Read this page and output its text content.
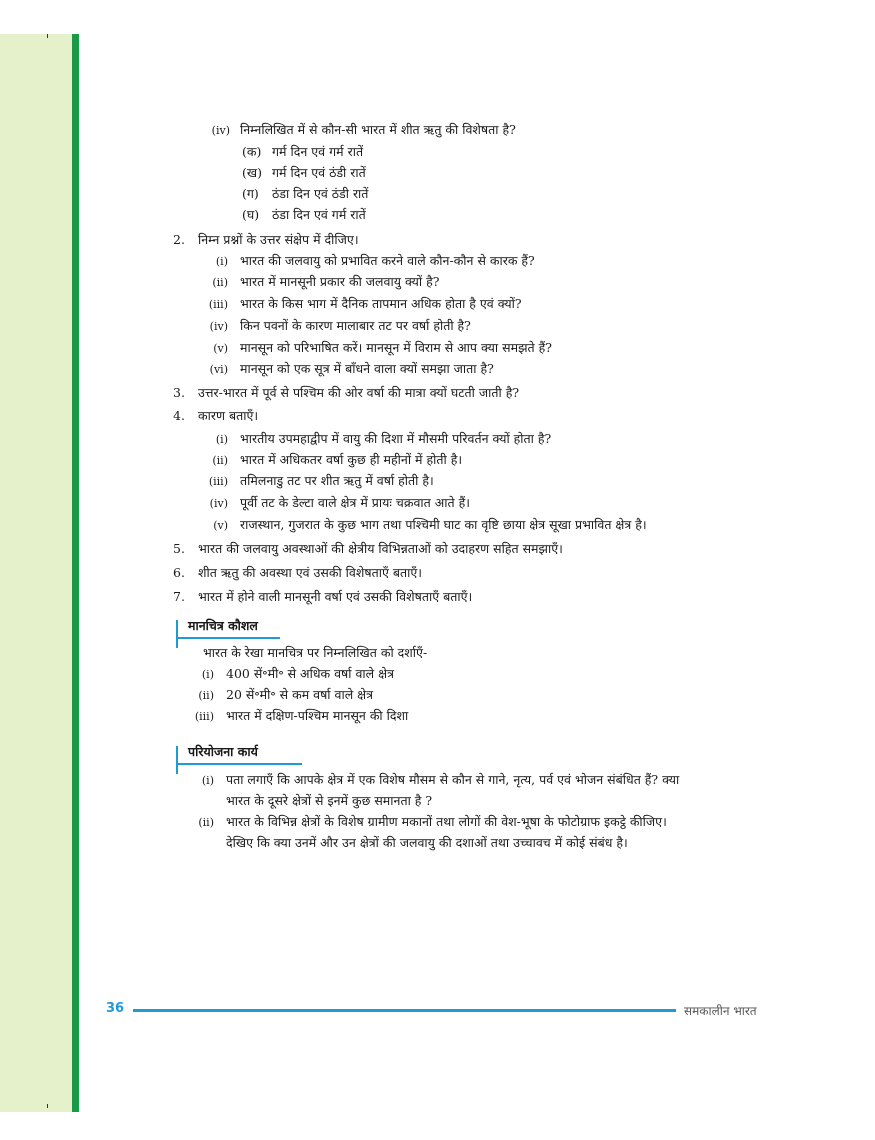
(iv) निम्नलिखित में से कौन-सी भारत में शीत ऋतु की विशेषता है?
(क) गर्म दिन एवं गर्म रातें
(ख) गर्म दिन एवं ठंडी रातें
(ग) ठंडा दिन एवं ठंडी रातें
(घ) ठंडा दिन एवं गर्म रातें
2. निम्न प्रश्नों के उत्तर संक्षेप में दीजिए।
(i) भारत की जलवायु को प्रभावित करने वाले कौन-कौन से कारक हैं?
(ii) भारत में मानसूनी प्रकार की जलवायु क्यों है?
(iii) भारत के किस भाग में दैनिक तापमान अधिक होता है एवं क्यों?
(iv) किन पवनों के कारण मालाबार तट पर वर्षा होती है?
(v) मानसून को परिभाषित करें। मानसून में विराम से आप क्या समझते हैं?
(vi) मानसून को एक सूत्र में बाँधने वाला क्यों समझा जाता है?
3. उत्तर-भारत में पूर्व से पश्चिम की ओर वर्षा की मात्रा क्यों घटती जाती है?
4. कारण बताएँ।
(i) भारतीय उपमहाद्वीप में वायु की दिशा में मौसमी परिवर्तन क्यों होता है?
(ii) भारत में अधिकतर वर्षा कुछ ही महीनों में होती है।
(iii) तमिलनाडु तट पर शीत ऋतु में वर्षा होती है।
(iv) पूर्वी तट के डेल्टा वाले क्षेत्र में प्रायः चक्रवात आते हैं।
(v) राजस्थान, गुजरात के कुछ भाग तथा पश्चिमी घाट का वृष्टि छाया क्षेत्र सूखा प्रभावित क्षेत्र है।
5. भारत की जलवायु अवस्थाओं की क्षेत्रीय विभिन्नताओं को उदाहरण सहित समझाएँ।
6. शीत ऋतु की अवस्था एवं उसकी विशेषताएँ बताएँ।
7. भारत में होने वाली मानसूनी वर्षा एवं उसकी विशेषताएँ बताएँ।
मानचित्र कौशल
भारत के रेखा मानचित्र पर निम्नलिखित को दर्शाएँ-
(i) 400 सें॰मी॰ से अधिक वर्षा वाले क्षेत्र
(ii) 20 सें॰मी॰ से कम वर्षा वाले क्षेत्र
(iii) भारत में दक्षिण-पश्चिम मानसून की दिशा
परियोजना कार्य
(i) पता लगाएँ कि आपके क्षेत्र में एक विशेष मौसम से कौन से गाने, नृत्य, पर्व एवं भोजन संबंधित हैं? क्या
भारत के दूसरे क्षेत्रों से इनमें कुछ समानता है ?
(ii) भारत के विभिन्न क्षेत्रों के विशेष ग्रामीण मकानों तथा लोगों की वेश-भूषा के फोटोग्राफ इकट्ठे कीजिए।
देखिए कि क्या उनमें और उन क्षेत्रों की जलवायु की दशाओं तथा उच्चावच में कोई संबंध है।
36	समकालीन भारत
